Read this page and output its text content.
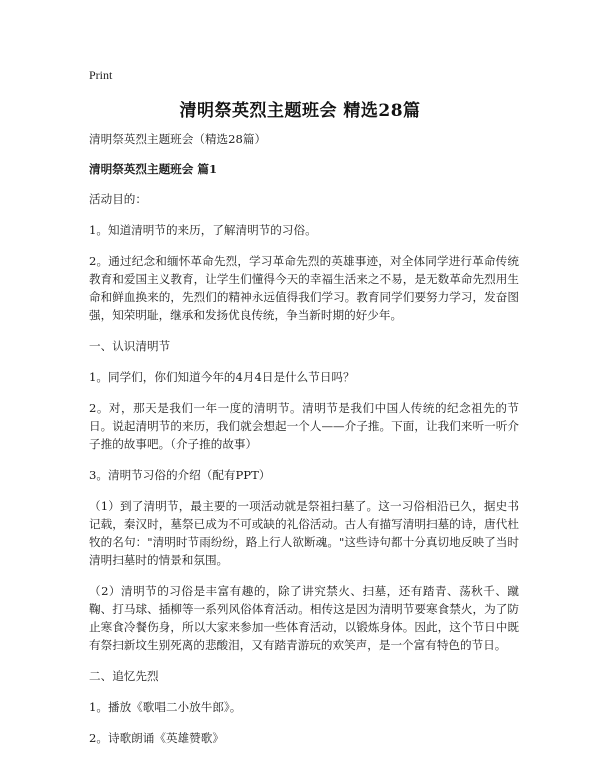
Print
清明祭英烈主题班会 精选28篇

清明祭英烈主题班会（精选28篇）

清明祭英烈主题班会 篇1

活动目的：

1。知道清明节的来历，了解清明节的习俗。

2。通过纪念和缅怀革命先烈，学习革命先烈的英雄事迹，对全体同学进行革命传统教育和爱国主义教育，让学生们懂得今天的幸福生活来之不易，是无数革命先烈用生命和鲜血换来的，先烈们的精神永远值得我们学习。教育同学们要努力学习，发奋图强，知荣明耻，继承和发扬优良传统，争当新时期的好少年。

一、认识清明节

1。同学们，你们知道今年的4月4日是什么节日吗？

2。对，那天是我们一年一度的清明节。清明节是我们中国人传统的纪念祖先的节日。说起清明节的来历，我们就会想起一个人——介子推。下面，让我们来听一听介子推的故事吧。（介子推的故事）

3。清明节习俗的介绍（配有PPT）

（1）到了清明节，最主要的一项活动就是祭祖扫墓了。这一习俗相沿已久，据史书记载，秦汉时，墓祭已成为不可或缺的礼俗活动。古人有描写清明扫墓的诗，唐代杜牧的名句："清明时节雨纷纷，路上行人欲断魂。"这些诗句都十分真切地反映了当时清明扫墓时的情景和氛围。

（2）清明节的习俗是丰富有趣的，除了讲究禁火、扫墓，还有踏青、荡秋千、蹴鞠、打马球、插柳等一系列风俗体育活动。相传这是因为清明节要寒食禁火，为了防止寒食冷餐伤身，所以大家来参加一些体育活动，以锻炼身体。因此，这个节日中既有祭扫新坟生别死离的悲酸泪，又有踏青游玩的欢笑声，是一个富有特色的节日。

二、追忆先烈

1。播放《歌唱二小放牛郎》。

2。诗歌朗诵《英雄赞歌》
